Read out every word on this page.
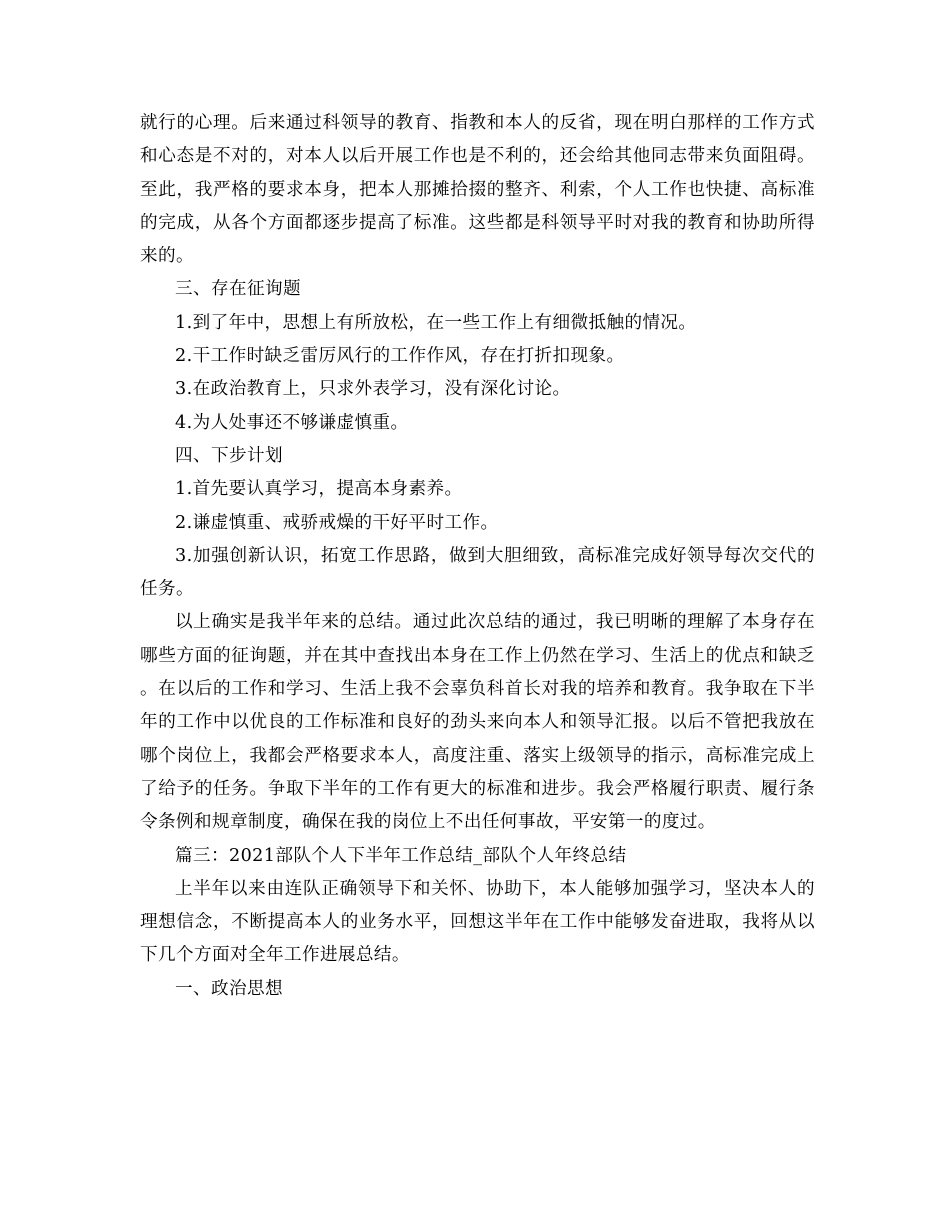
就行的心理。后来通过科领导的教育、指教和本人的反省，现在明白那样的工作方式和心态是不对的，对本人以后开展工作也是不利的，还会给其他同志带来负面阻碍。至此，我严格的要求本身，把本人那摊拾掇的整齐、利索，个人工作也快捷、高标准的完成，从各个方面都逐步提高了标准。这些都是科领导平时对我的教育和协助所得来的。

三、存在征询题

1.到了年中，思想上有所放松，在一些工作上有细微抵触的情况。

2.干工作时缺乏雷厉风行的工作作风，存在打折扣现象。

3.在政治教育上，只求外表学习，没有深化讨论。

4.为人处事还不够谦虚慎重。

四、下步计划

1.首先要认真学习，提高本身素养。

2.谦虚慎重、戒骄戒燥的干好平时工作。

3.加强创新认识，拓宽工作思路，做到大胆细致，高标准完成好领导每次交代的任务。

以上确实是我半年来的总结。通过此次总结的通过，我已明晰的理解了本身存在哪些方面的征询题，并在其中查找出本身在工作上仍然在学习、生活上的优点和缺乏。在以后的工作和学习、生活上我不会辜负科首长对我的培养和教育。我争取在下半年的工作中以优良的工作标准和良好的劲头来向本人和领导汇报。以后不管把我放在哪个岗位上，我都会严格要求本人，高度注重、落实上级领导的指示，高标准完成上了给予的任务。争取下半年的工作有更大的标准和进步。我会严格履行职责、履行条令条例和规章制度，确保在我的岗位上不出任何事故，平安第一的度过。

篇三：2021部队个人下半年工作总结_部队个人年终总结

上半年以来由连队正确领导下和关怀、协助下，本人能够加强学习，坚决本人的理想信念，不断提高本人的业务水平，回想这半年在工作中能够发奋进取，我将从以下几个方面对全年工作进展总结。

一、政治思想
